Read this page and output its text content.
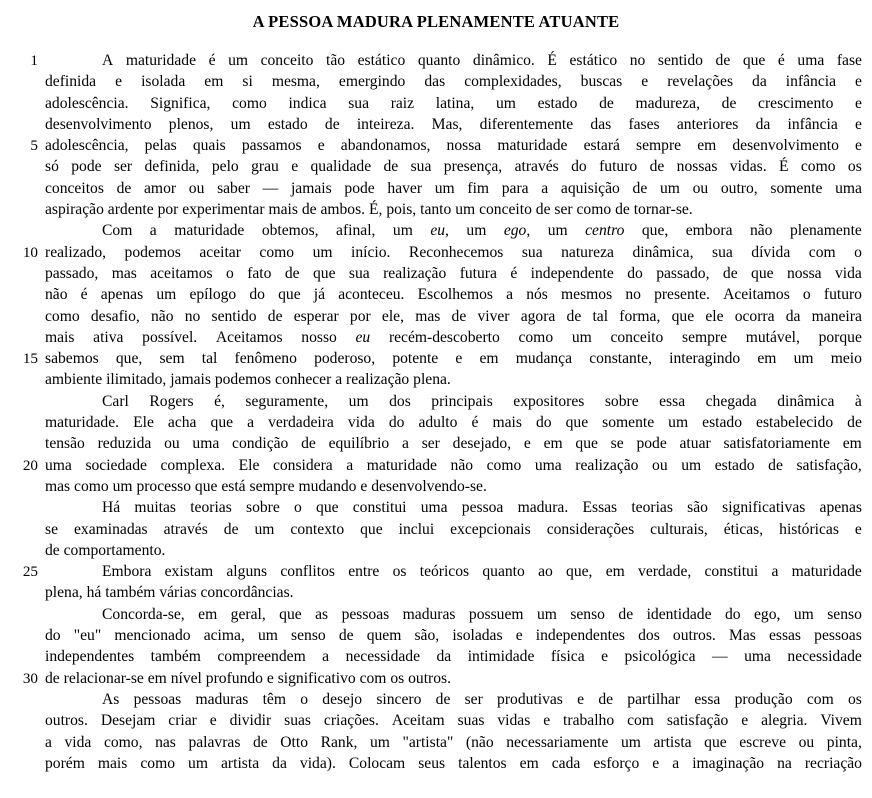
A PESSOA MADURA PLENAMENTE ATUANTE
1	A maturidade é um conceito tão estático quanto dinâmico. É estático no sentido de que é uma fase
definida e isolada em si mesma, emergindo das complexidades, buscas e revelações da infância e
adolescência. Significa, como indica sua raiz latina, um estado de madureza, de crescimento e
desenvolvimento plenos, um estado de inteireza. Mas, diferentemente das fases anteriores da infância e
5 adolescência, pelas quais passamos e abandonamos, nossa maturidade estará sempre em desenvolvimento e
só pode ser definida, pelo grau e qualidade de sua presença, através do futuro de nossas vidas. É como os
conceitos de amor ou saber — jamais pode haver um fim para a aquisição de um ou outro, somente uma
aspiração ardente por experimentar mais de ambos. É, pois, tanto um conceito de ser como de tornar-se.
Com a maturidade obtemos, afinal, um eu, um ego, um centro que, embora não plenamente
10 realizado, podemos aceitar como um início. Reconhecemos sua natureza dinâmica, sua dívida com o
passado, mas aceitamos o fato de que sua realização futura é independente do passado, de que nossa vida
não é apenas um epílogo do que já aconteceu. Escolhemos a nós mesmos no presente. Aceitamos o futuro
como desafio, não no sentido de esperar por ele, mas de viver agora de tal forma, que ele ocorra da maneira
mais ativa possível. Aceitamos nosso eu recém-descoberto como um conceito sempre mutável, porque
15 sabemos que, sem tal fenômeno poderoso, potente e em mudança constante, interagindo em um meio
ambiente ilimitado, jamais podemos conhecer a realização plena.
Carl Rogers é, seguramente, um dos principais expositores sobre essa chegada dinâmica à
maturidade. Ele acha que a verdadeira vida do adulto é mais do que somente um estado estabelecido de
tensão reduzida ou uma condição de equilíbrio a ser desejado, e em que se pode atuar satisfatoriamente em
20 uma sociedade complexa. Ele considera a maturidade não como uma realização ou um estado de satisfação,
mas como um processo que está sempre mudando e desenvolvendo-se.
Há muitas teorias sobre o que constitui uma pessoa madura. Essas teorias são significativas apenas
se examinadas através de um contexto que inclui excepcionais considerações culturais, éticas, históricas e
de comportamento.
25	Embora existam alguns conflitos entre os teóricos quanto ao que, em verdade, constitui a maturidade
plena, há também várias concordâncias.
Concorda-se, em geral, que as pessoas maduras possuem um senso de identidade do ego, um senso
do "eu" mencionado acima, um senso de quem são, isoladas e independentes dos outros. Mas essas pessoas
independentes também compreendem a necessidade da intimidade física e psicológica — uma necessidade
30 de relacionar-se em nível profundo e significativo com os outros.
As pessoas maduras têm o desejo sincero de ser produtivas e de partilhar essa produção com os
outros. Desejam criar e dividir suas criações. Aceitam suas vidas e trabalho com satisfação e alegria. Vivem
a vida como, nas palavras de Otto Rank, um "artista" (não necessariamente um artista que escreve ou pinta,
porém mais como um artista da vida). Colocam seus talentos em cada esforço e a imaginação na recriação
